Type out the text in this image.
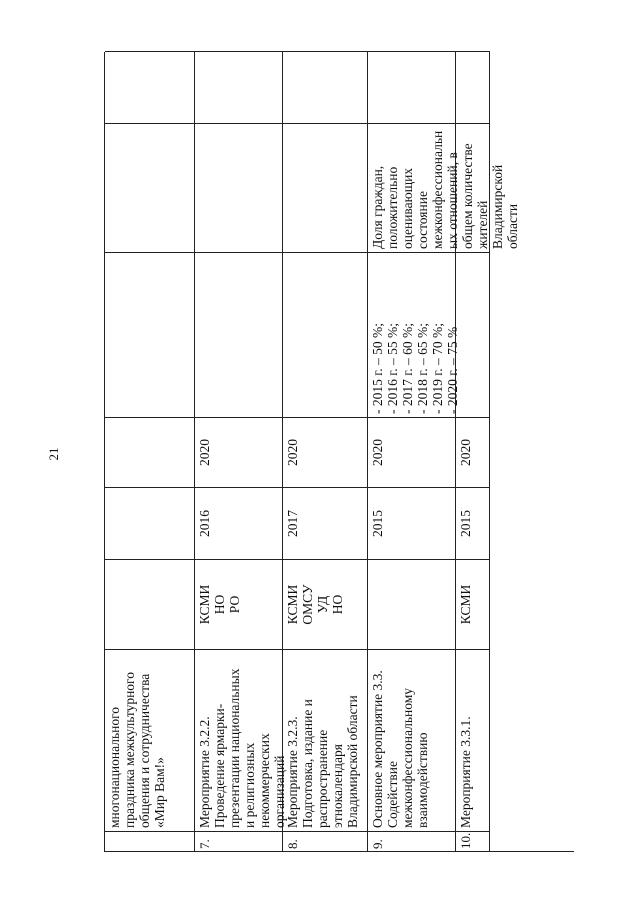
21
многонационального праздника межкультурного общения и сотрудничества «Мир Вам!»
7.
Мероприятие 3.2.2. Проведение ярмарки- презентации национальных и религиозных некоммерческих организаций
КСМИ НО РО
2016
2020
8.
Мероприятие 3.2.3. Подготовка, издание и распространение этнокалендаря Владимирской области
КСМИ ОМСУ УД НО
2017
2020
9.
Основное мероприятие 3.3. Содействие межконфессиональному взаимодействию
2015
2020
- 2015 г. – 50 %; - 2016 г. – 55 %; - 2017 г. – 60 %; - 2018 г. – 65 %; - 2019 г. – 70 %; - 2020 г. – 75 %
Доля граждан, положительно оценивающих состояние межконфессиональн ых отношений, в общем количестве жителей Владимирской области
10.
Мероприятие 3.3.1.
КСМИ
2015
2020
